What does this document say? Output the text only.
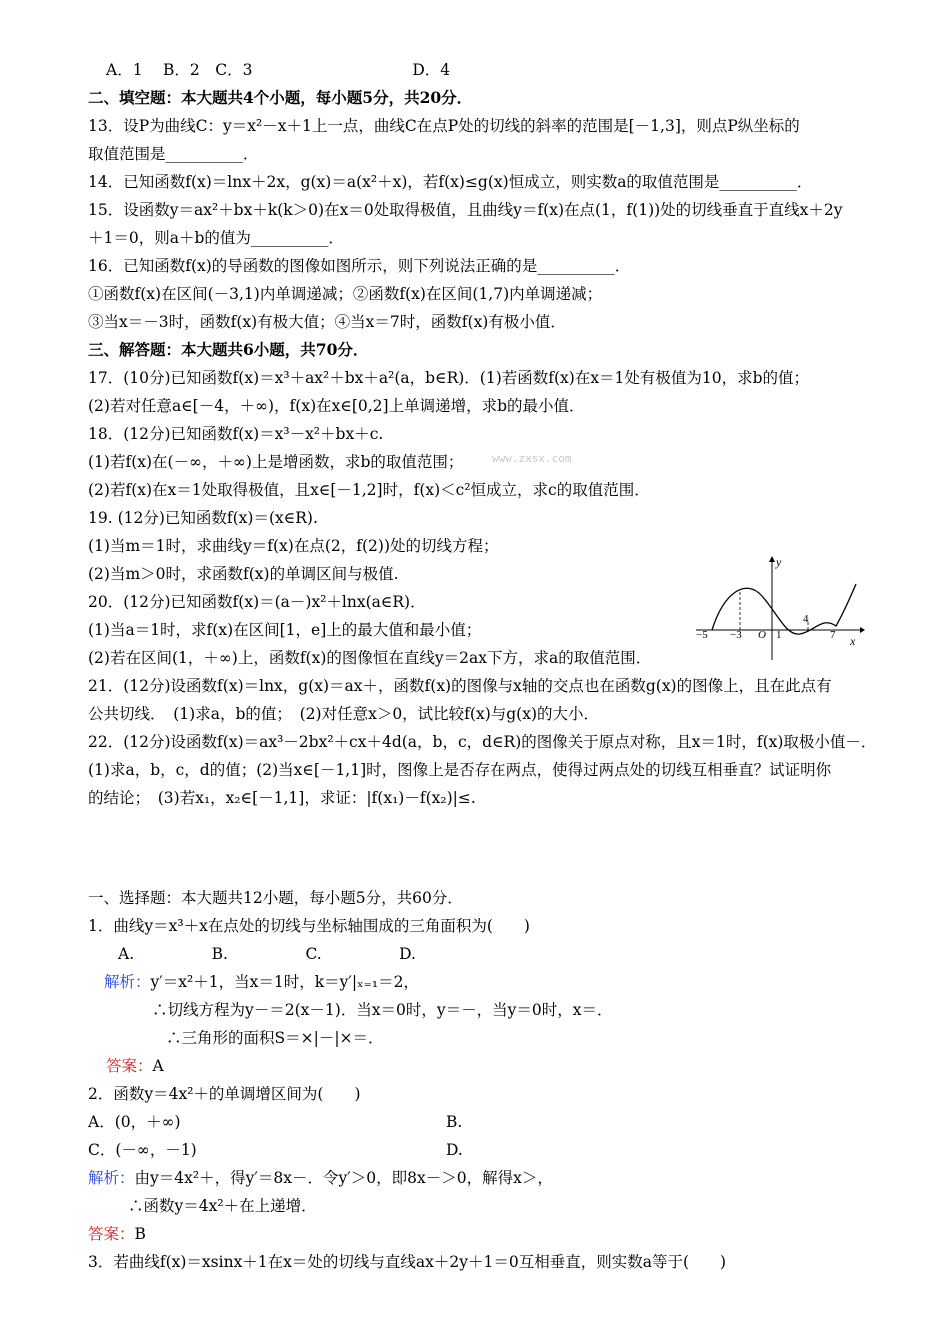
A．1　 B．2　C．3　　　　　　　　　　 D．4
二、填空题：本大题共4个小题，每小题5分，共20分．
13．设P为曲线C：y＝x²－x＋1上一点，曲线C在点P处的切线的斜率的范围是[－1,3]，则点P纵坐标的
取值范围是__________．
14．已知函数f(x)＝lnx＋2x，g(x)＝a(x²＋x)，若f(x)≤g(x)恒成立，则实数a的取值范围是__________．
15．设函数y＝ax²＋bx＋k(k＞0)在x＝0处取得极值，且曲线y＝f(x)在点(1，f(1))处的切线垂直于直线x＋2y
＋1＝0，则a＋b的值为__________．
16．已知函数f(x)的导函数的图像如图所示，则下列说法正确的是__________．
①函数f(x)在区间(－3,1)内单调递减；②函数f(x)在区间(1,7)内单调递减；
③当x＝－3时，函数f(x)有极大值；④当x＝7时，函数f(x)有极小值．
三、解答题：本大题共6小题，共70分．
17．(10分)已知函数f(x)＝x³＋ax²＋bx＋a²(a，b∈R)．(1)若函数f(x)在x＝1处有极值为10，求b的值；
(2)若对任意a∈[－4，＋∞)，f(x)在x∈[0,2]上单调递增，求b的最小值．
18．(12分)已知函数f(x)＝x³－x²＋bx＋c.
(1)若f(x)在(－∞，＋∞)上是增函数，求b的取值范围；	www.zxsx.com
(2)若f(x)在x＝1处取得极值，且x∈[－1,2]时，f(x)＜c²恒成立，求c的取值范围．
19. (12分)已知函数f(x)＝(x∈R).
(1)当m＝1时，求曲线y＝f(x)在点(2，f(2))处的切线方程；
(2)当m＞0时，求函数f(x)的单调区间与极值.
20．(12分)已知函数f(x)＝(a－)x²＋lnx(a∈R)．
(1)当a＝1时，求f(x)在区间[1，e]上的最大值和最小值；
(2)若在区间(1，＋∞)上，函数f(x)的图像恒在直线y＝2ax下方，求a的取值范围．
21．(12分)设函数f(x)＝lnx，g(x)＝ax＋，函数f(x)的图像与x轴的交点也在函数g(x)的图像上，且在此点有
公共切线．　(1)求a，b的值；　(2)对任意x＞0，试比较f(x)与g(x)的大小．
22．(12分)设函数f(x)＝ax³－2bx²＋cx＋4d(a，b，c，d∈R)的图像关于原点对称，且x＝1时，f(x)取极小值－．
(1)求a，b，c，d的值；(2)当x∈[－1,1]时，图像上是否存在两点，使得过两点处的切线互相垂直？试证明你
的结论；　(3)若x₁，x₂∈[－1,1]，求证：|f(x₁)－f(x₂)|≤.
一、选择题：本大题共12小题，每小题5分，共60分．
1．曲线y＝x³＋x在点处的切线与坐标轴围成的三角面积为(　　)
A.　　　　　B.　　　　　C.　　　　　D.
解析：y′＝x²＋1，当x＝1时，k＝y′|ₓ₌₁＝2，
∴切线方程为y－＝2(x－1)．当x＝0时，y＝－，当y＝0时，x＝．
∴三角形的面积S＝×|－|×＝．
答案：A
2．函数y＝4x²＋的单调增区间为(　　)
A．(0，＋∞)	B.
C．(－∞，－1)	D.
解析：由y＝4x²＋，得y′＝8x－．令y′＞0，即8x－＞0，解得x＞，
∴函数y＝4x²＋在上递增．
答案：B
3．若曲线f(x)＝xsinx＋1在x＝处的切线与直线ax＋2y＋1＝0互相垂直，则实数a等于(　　)
y
x
−5 −3 O 1
4
7
